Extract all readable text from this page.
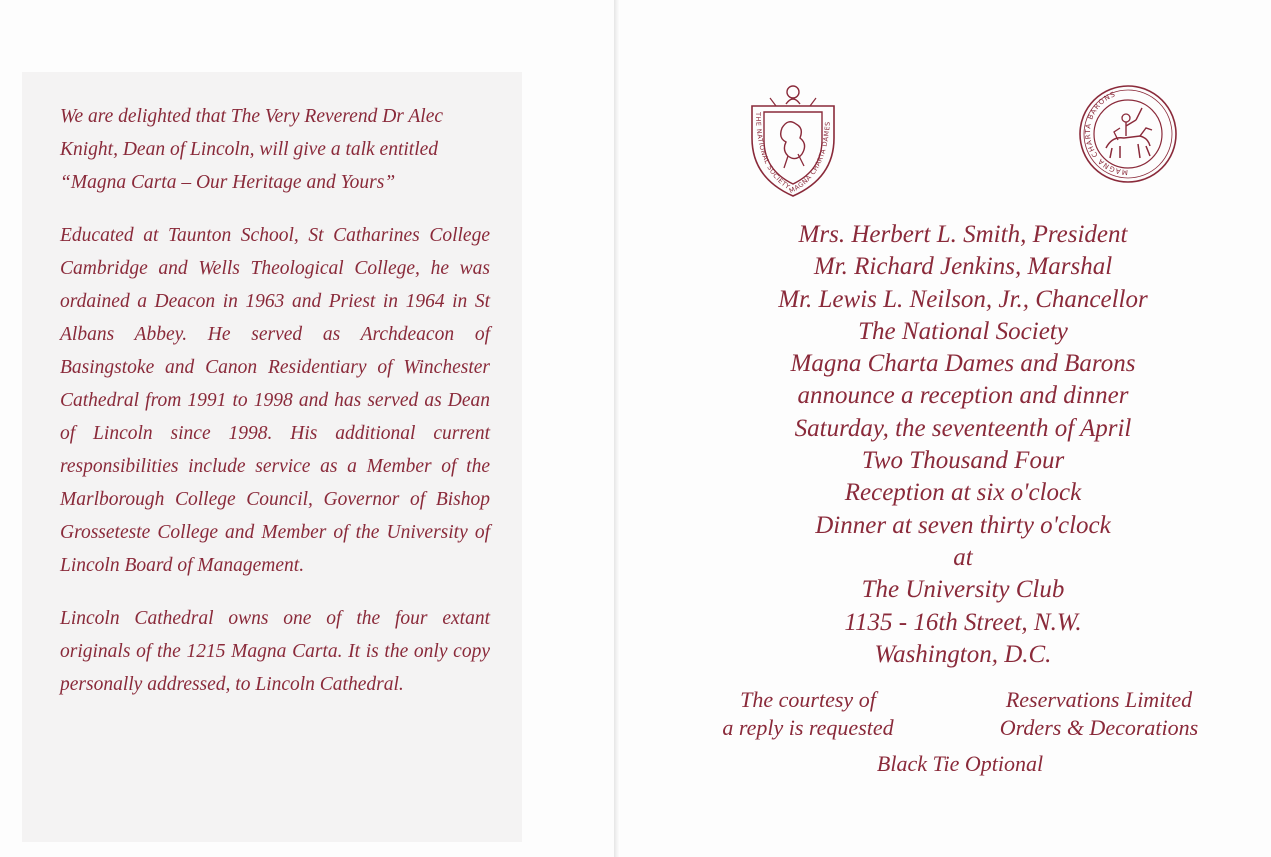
We are delighted that The Very Reverend Dr Alec Knight, Dean of Lincoln, will give a talk entitled “Magna Carta – Our Heritage and Yours”

Educated at Taunton School, St Catharines College Cambridge and Wells Theological College, he was ordained a Deacon in 1963 and Priest in 1964 in St Albans Abbey. He served as Archdeacon of Basingstoke and Canon Residentiary of Winchester Cathedral from 1991 to 1998 and has served as Dean of Lincoln since 1998. His additional current responsibilities include service as a Member of the Marlborough College Council, Governor of Bishop Grosseteste College and Member of the University of Lincoln Board of Management.

Lincoln Cathedral owns one of the four extant originals of the 1215 Magna Carta. It is the only copy personally addressed, to Lincoln Cathedral.

THE NATIONAL SOCIETY MAGNA CHARTA DAMES
MAGNA CHARTA BARONS
Mrs. Herbert L. Smith, President
Mr. Richard Jenkins, Marshal
Mr. Lewis L. Neilson, Jr., Chancellor
The National Society
Magna Charta Dames and Barons
announce a reception and dinner
Saturday, the seventeenth of April
Two Thousand Four
Reception at six o'clock
Dinner at seven thirty o'clock
at
The University Club
1135 - 16th Street, N.W.
Washington, D.C.
The courtesy of
a reply is requested
Reservations Limited
Orders & Decorations
Black Tie Optional
